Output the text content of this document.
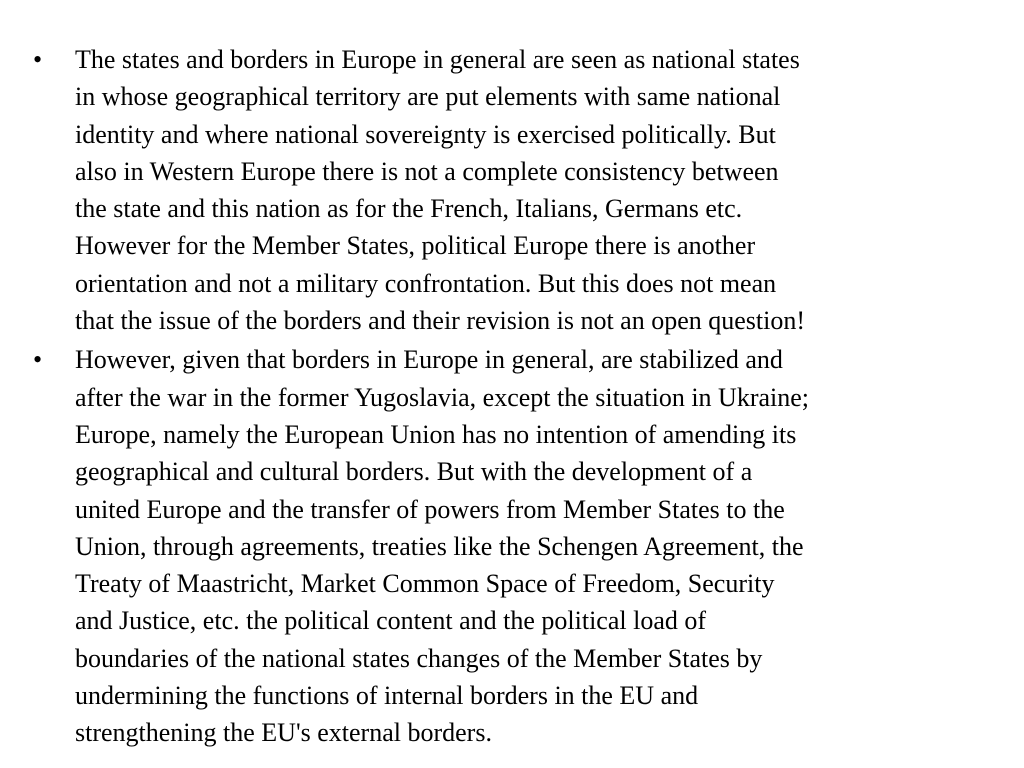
• The states and borders in Europe in general are seen as national states
in whose geographical territory are put elements with same national
identity and where national sovereignty is exercised politically. But
also in Western Europe there is not a complete consistency between
the state and this nation as for the French, Italians, Germans etc.
However for the Member States, political Europe there is another
orientation and not a military confrontation. But this does not mean
that the issue of the borders and their revision is not an open question!
• However, given that borders in Europe in general, are stabilized and
after the war in the former Yugoslavia, except the situation in Ukraine;
Europe, namely the European Union has no intention of amending its
geographical and cultural borders. But with the development of a
united Europe and the transfer of powers from Member States to the
Union, through agreements, treaties like the Schengen Agreement, the
Treaty of Maastricht, Market Common Space of Freedom, Security
and Justice, etc. the political content and the political load of
boundaries of the national states changes of the Member States by
undermining the functions of internal borders in the EU and
strengthening the EU's external borders.
